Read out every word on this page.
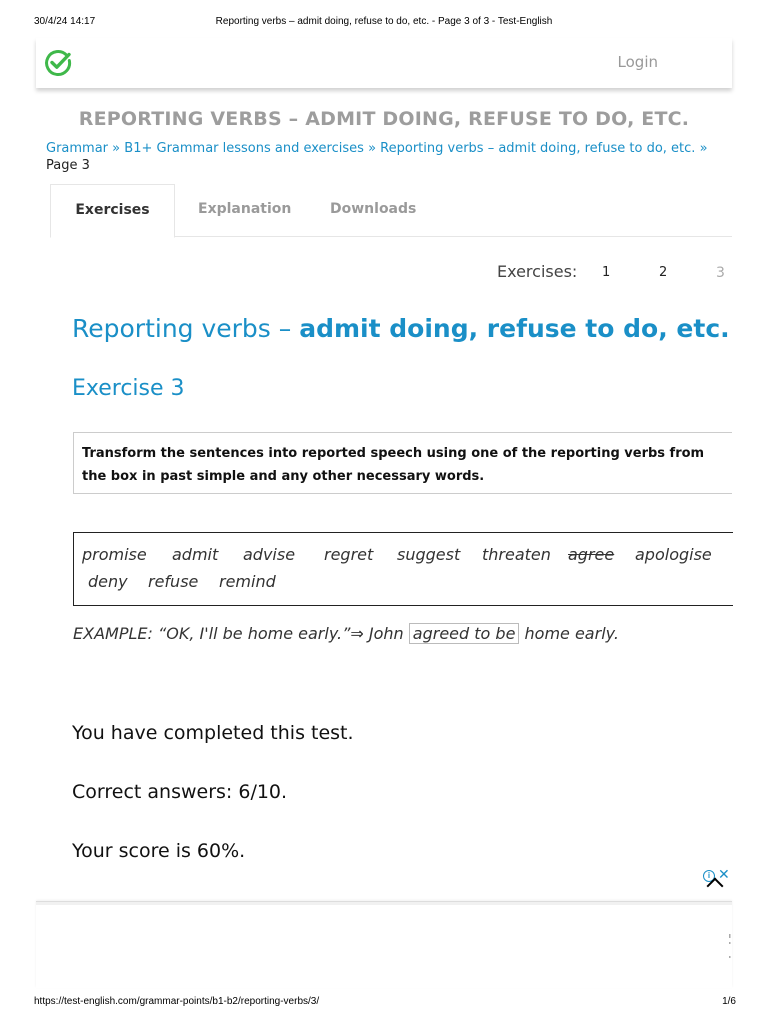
30/4/24 14:17	Reporting verbs – admit doing, refuse to do, etc. - Page 3 of 3 - Test-English
Login
REPORTING VERBS – ADMIT DOING, REFUSE TO DO, ETC.
Grammar » B1+ Grammar lessons and exercises » Reporting verbs – admit doing, refuse to do, etc. »
Page 3
Exercises	Explanation	Downloads
Exercises: 1	2	3
Reporting verbs – admit doing, refuse to do, etc.
Exercise 3

Transform the sentences into reported speech using one of the reporting verbs from the box in past simple and any other necessary words.

promise admit advise regret suggest threaten agree apologise
deny refuse remind
EXAMPLE: “OK, I'll be home early.”⇒ John agreed to be home early.
You have completed this test.
Correct answers: 6/10.
Your score is 60%.
i ✕
https://test-english.com/grammar-points/b1-b2/reporting-verbs/3/	1/6
